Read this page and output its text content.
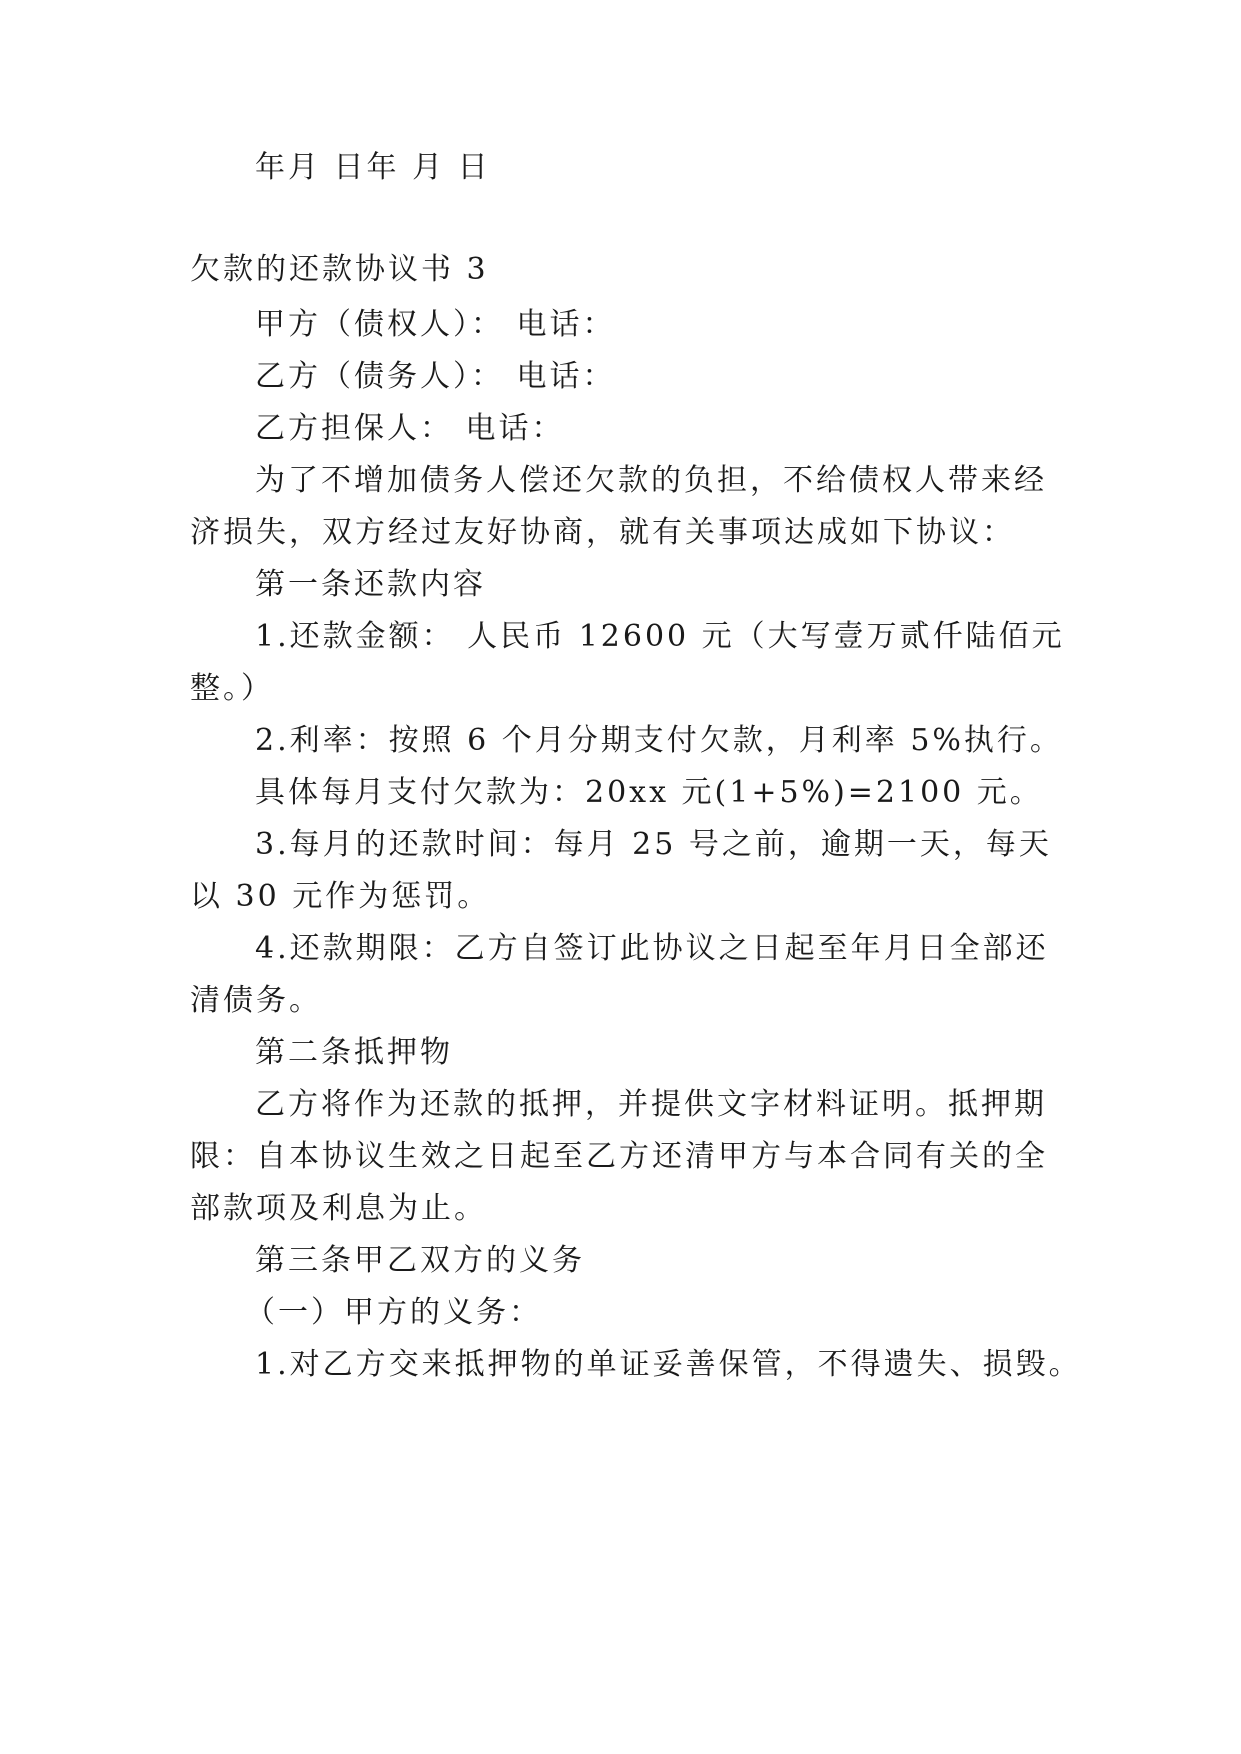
年月 日年 月 日
欠款的还款协议书 3
甲方（债权人）： 电话：
乙方（债务人）： 电话：
乙方担保人： 电话：
为了不增加债务人偿还欠款的负担，不给债权人带来经
济损失，双方经过友好协商，就有关事项达成如下协议：
第一条还款内容
1.还款金额： 人民币 12600 元（大写壹万贰仟陆佰元
整。）
2.利率：按照 6 个月分期支付欠款，月利率 5%执行。
具体每月支付欠款为：20xx 元(1+5%)=2100 元。
3.每月的还款时间：每月 25 号之前，逾期一天，每天
以 30 元作为惩罚。
4.还款期限：乙方自签订此协议之日起至年月日全部还
清债务。
第二条抵押物
乙方将作为还款的抵押，并提供文字材料证明。抵押期
限：自本协议生效之日起至乙方还清甲方与本合同有关的全
部款项及利息为止。
第三条甲乙双方的义务
（一）甲方的义务：
1.对乙方交来抵押物的单证妥善保管，不得遗失、损毁。
